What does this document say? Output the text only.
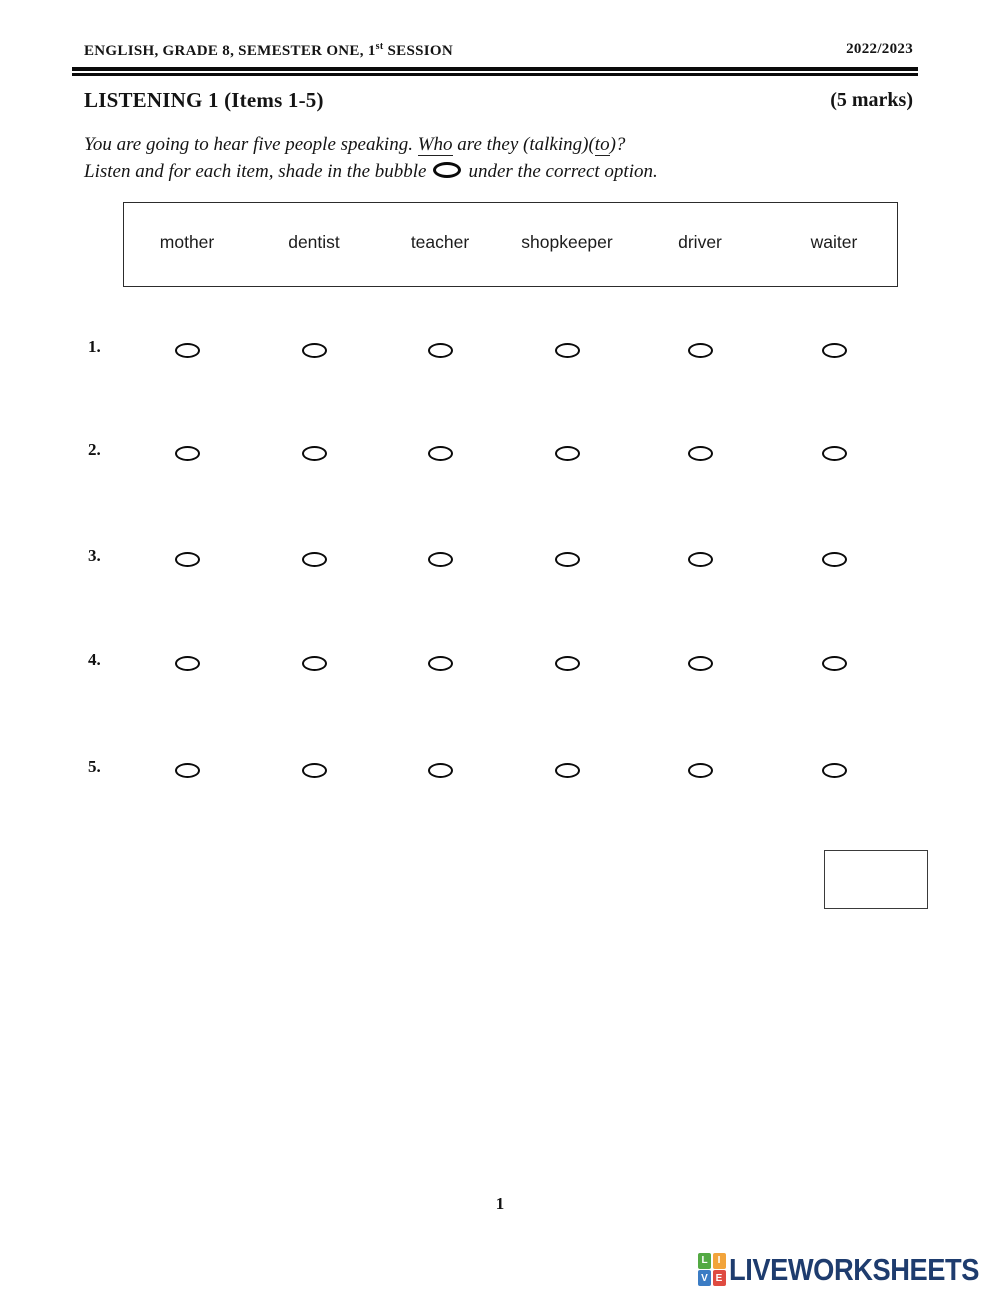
ENGLISH, GRADE 8, SEMESTER ONE, 1st SESSION	2022/2023
LISTENING 1 (Items 1-5)	(5 marks)
You are going to hear five people speaking. Who are they (talking)(to)?
Listen and for each item, shade in the bubble under the correct option.
mother	dentist	teacher	shopkeeper	driver	waiter
1.
2.
3.
4.
5.
1
L	I
V E LIVEWORKSHEETS
